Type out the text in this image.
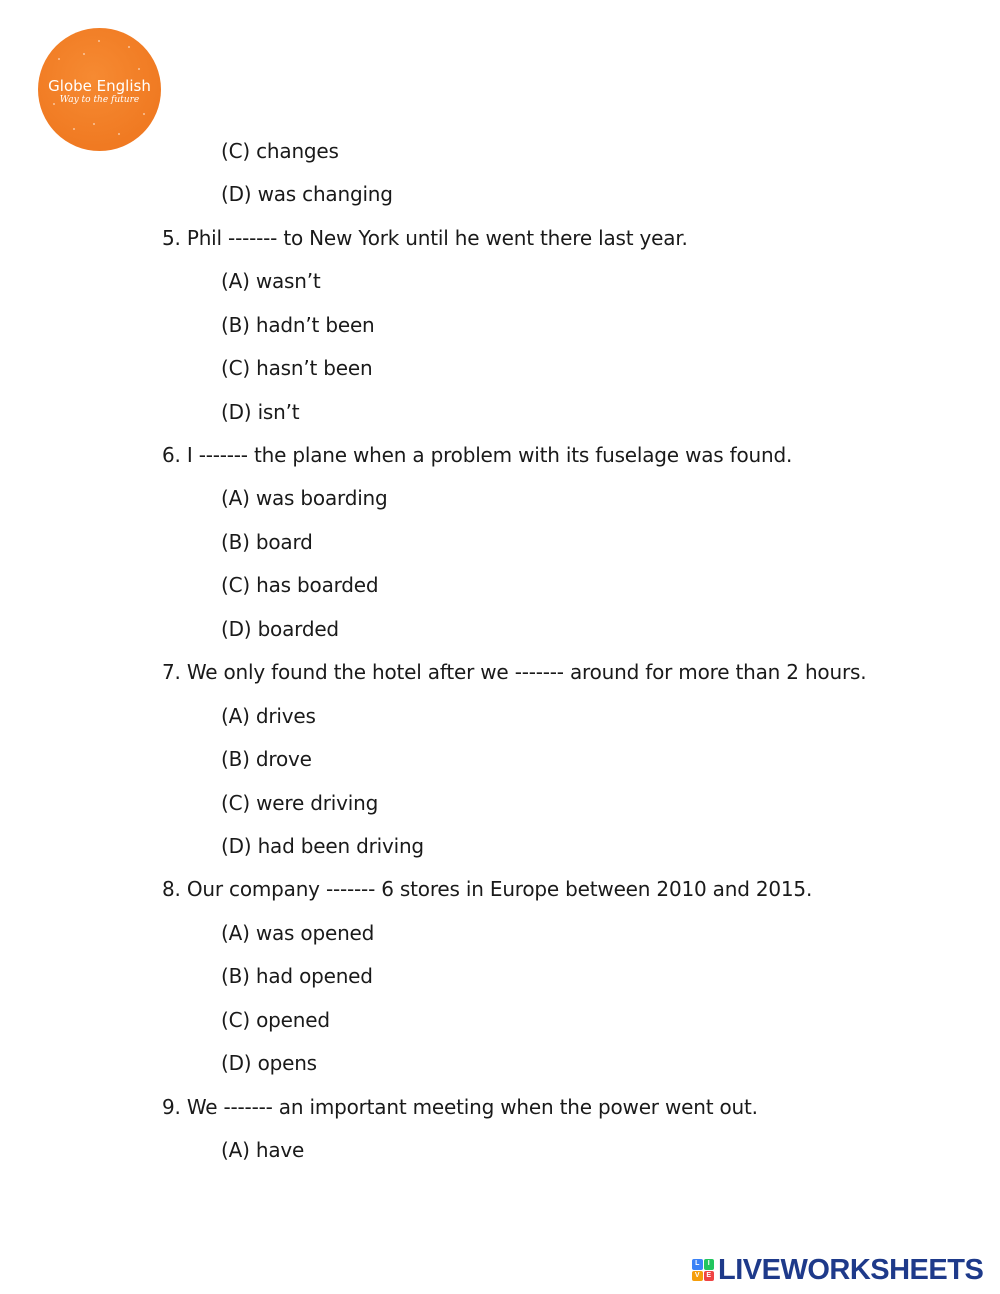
Globe English
Way to the future
(C) changes
(D) was changing
5. Phil ------- to New York until he went there last year.
(A) wasn’t
(B) hadn’t been
(C) hasn’t been
(D) isn’t
6. I ------- the plane when a problem with its fuselage was found.
(A) was boarding
(B) board
(C) has boarded
(D) boarded
7. We only found the hotel after we ------- around for more than 2 hours.
(A) drives
(B) drove
(C) were driving
(D) had been driving
8. Our company ------- 6 stores in Europe between 2010 and 2015.
(A) was opened
(B) had opened
(C) opened
(D) opens
9. We ------- an important meeting when the power went out.
(A) have
L	I
V E LIVEWORKSHEETS
